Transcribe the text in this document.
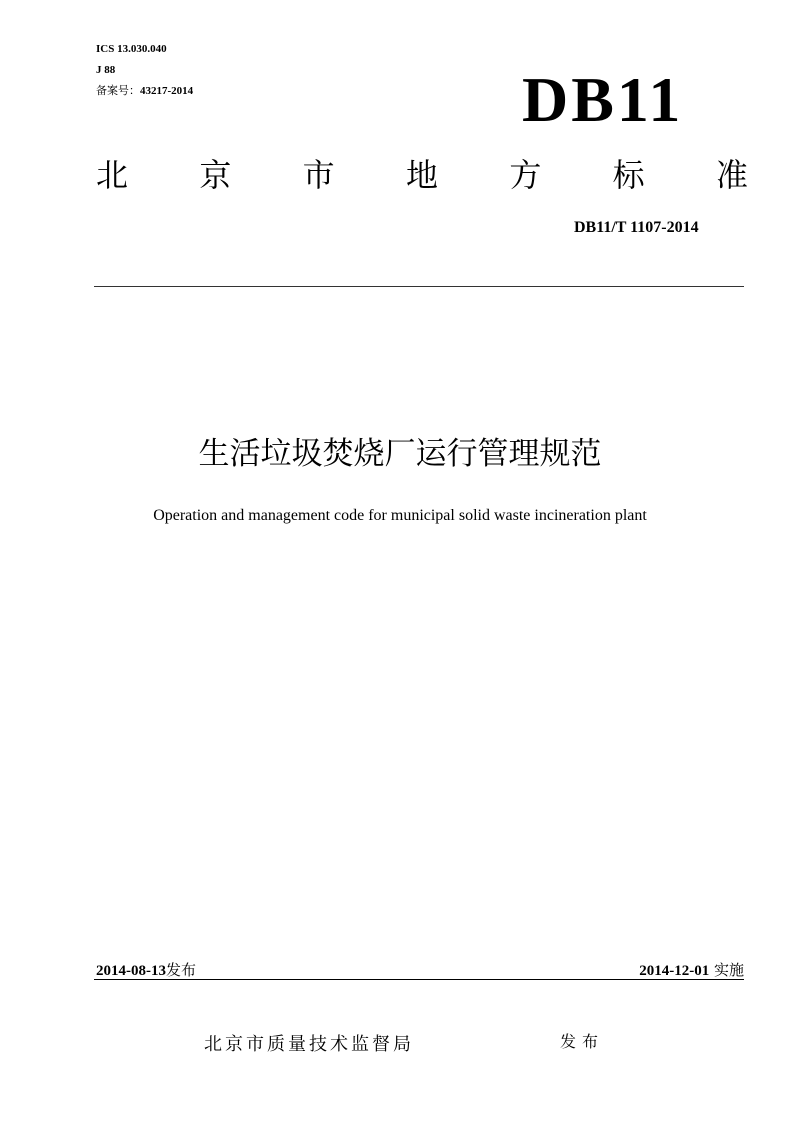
ICS 13.030.040
J 88
备案号：43217-2014	DB11
北 京 市 地 方 标 准
DB11/T 1107-2014
生活垃圾焚烧厂运行管理规范
Operation and management code for municipal solid waste incineration plant
2014-08-13发布	2014-12-01 实施
北京市质量技术监督局	发布
